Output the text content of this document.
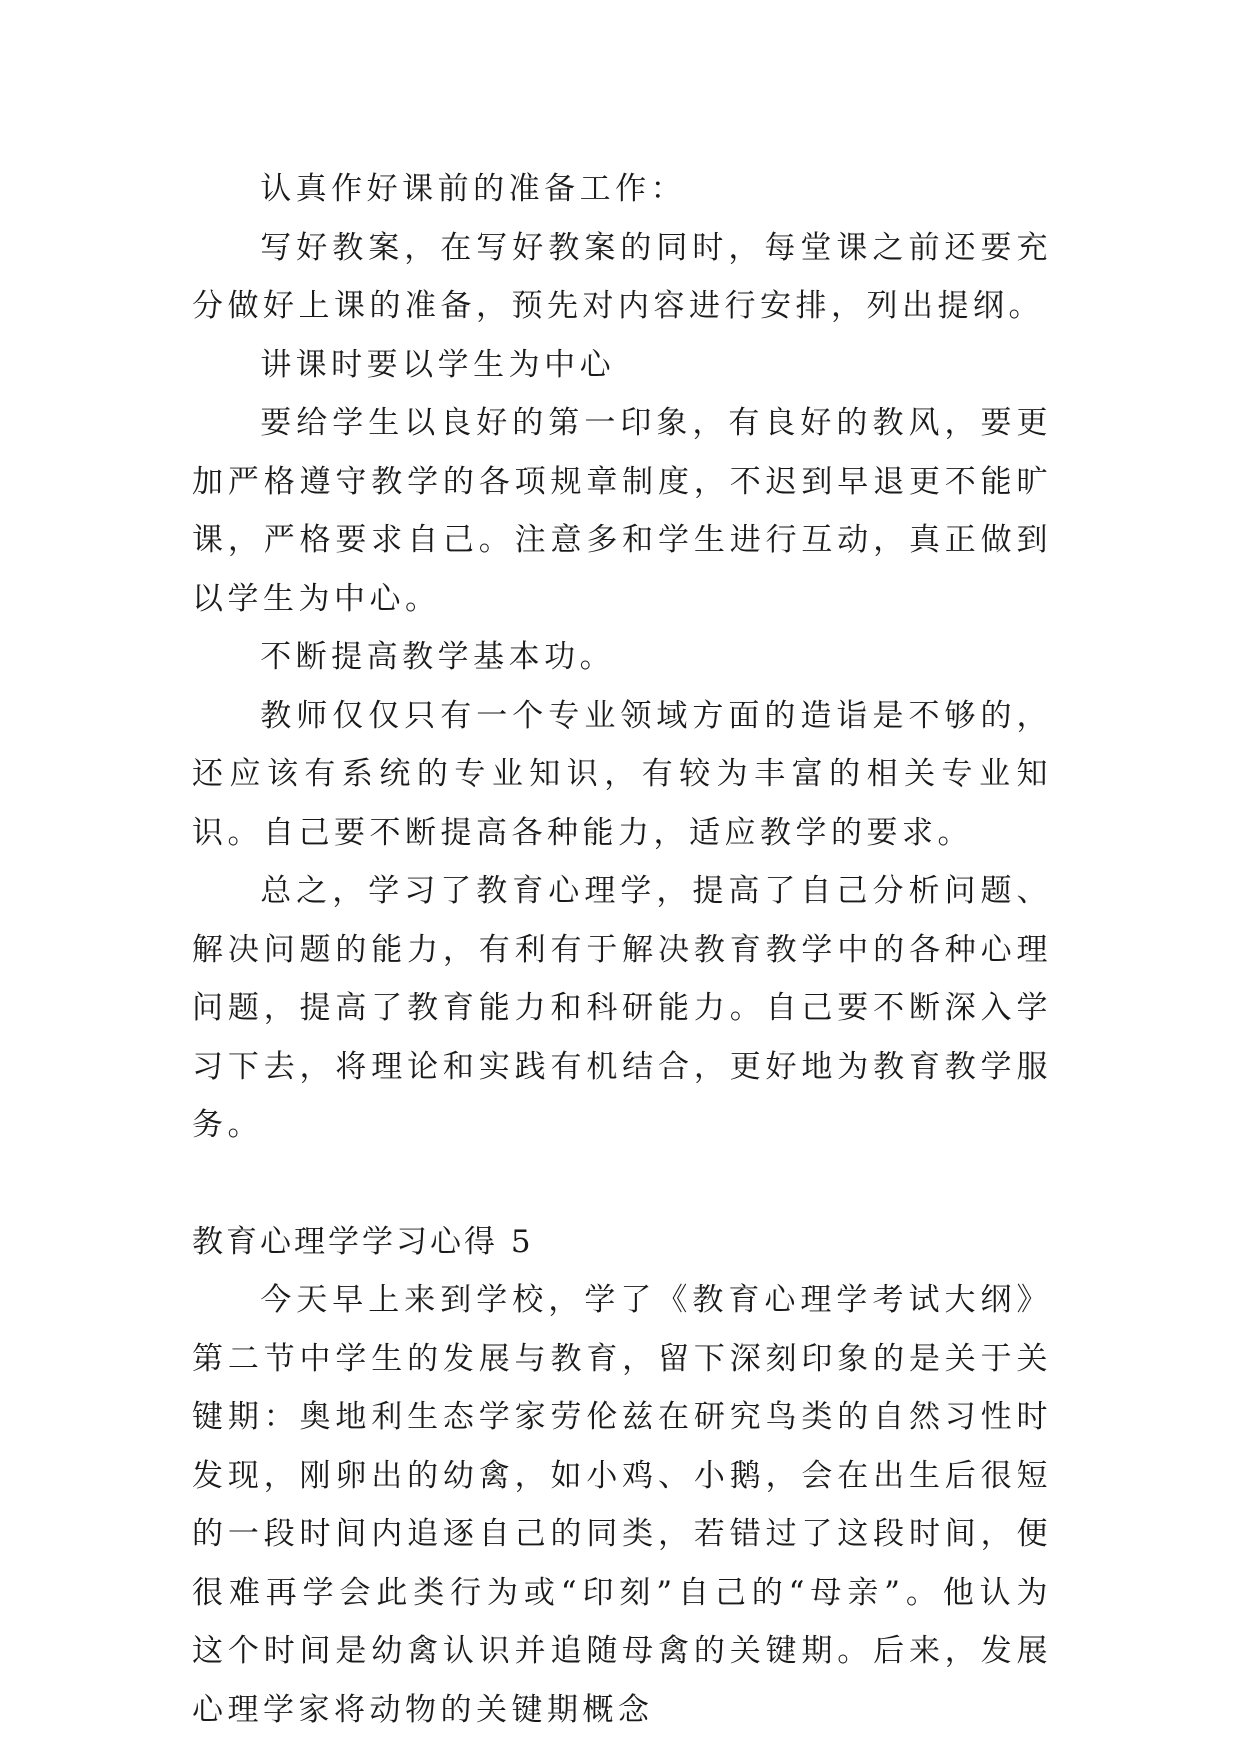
认真作好课前的准备工作：

写好教案，在写好教案的同时，每堂课之前还要充分做好上课的准备，预先对内容进行安排，列出提纲。

讲课时要以学生为中心

要给学生以良好的第一印象，有良好的教风，要更加严格遵守教学的各项规章制度，不迟到早退更不能旷课，严格要求自己。注意多和学生进行互动，真正做到以学生为中心。

不断提高教学基本功。

教师仅仅只有一个专业领域方面的造诣是不够的，还应该有系统的专业知识，有较为丰富的相关专业知识。自己要不断提高各种能力，适应教学的要求。

总之，学习了教育心理学，提高了自己分析问题、解决问题的能力，有利有于解决教育教学中的各种心理问题，提高了教育能力和科研能力。自己要不断深入学习下去，将理论和实践有机结合，更好地为教育教学服务。

教育心理学学习心得 5

今天早上来到学校，学了《教育心理学考试大纲》第二节中学生的发展与教育，留下深刻印象的是关于关键期：奥地利生态学家劳伦兹在研究鸟类的自然习性时发现，刚卵出的幼禽，如小鸡、小鹅，会在出生后很短的一段时间内追逐自己的同类，若错过了这段时间，便很难再学会此类行为或“印刻”自己的“母亲”。他认为这个时间是幼禽认识并追随母禽的关键期。后来，发展心理学家将动物的关键期概念
